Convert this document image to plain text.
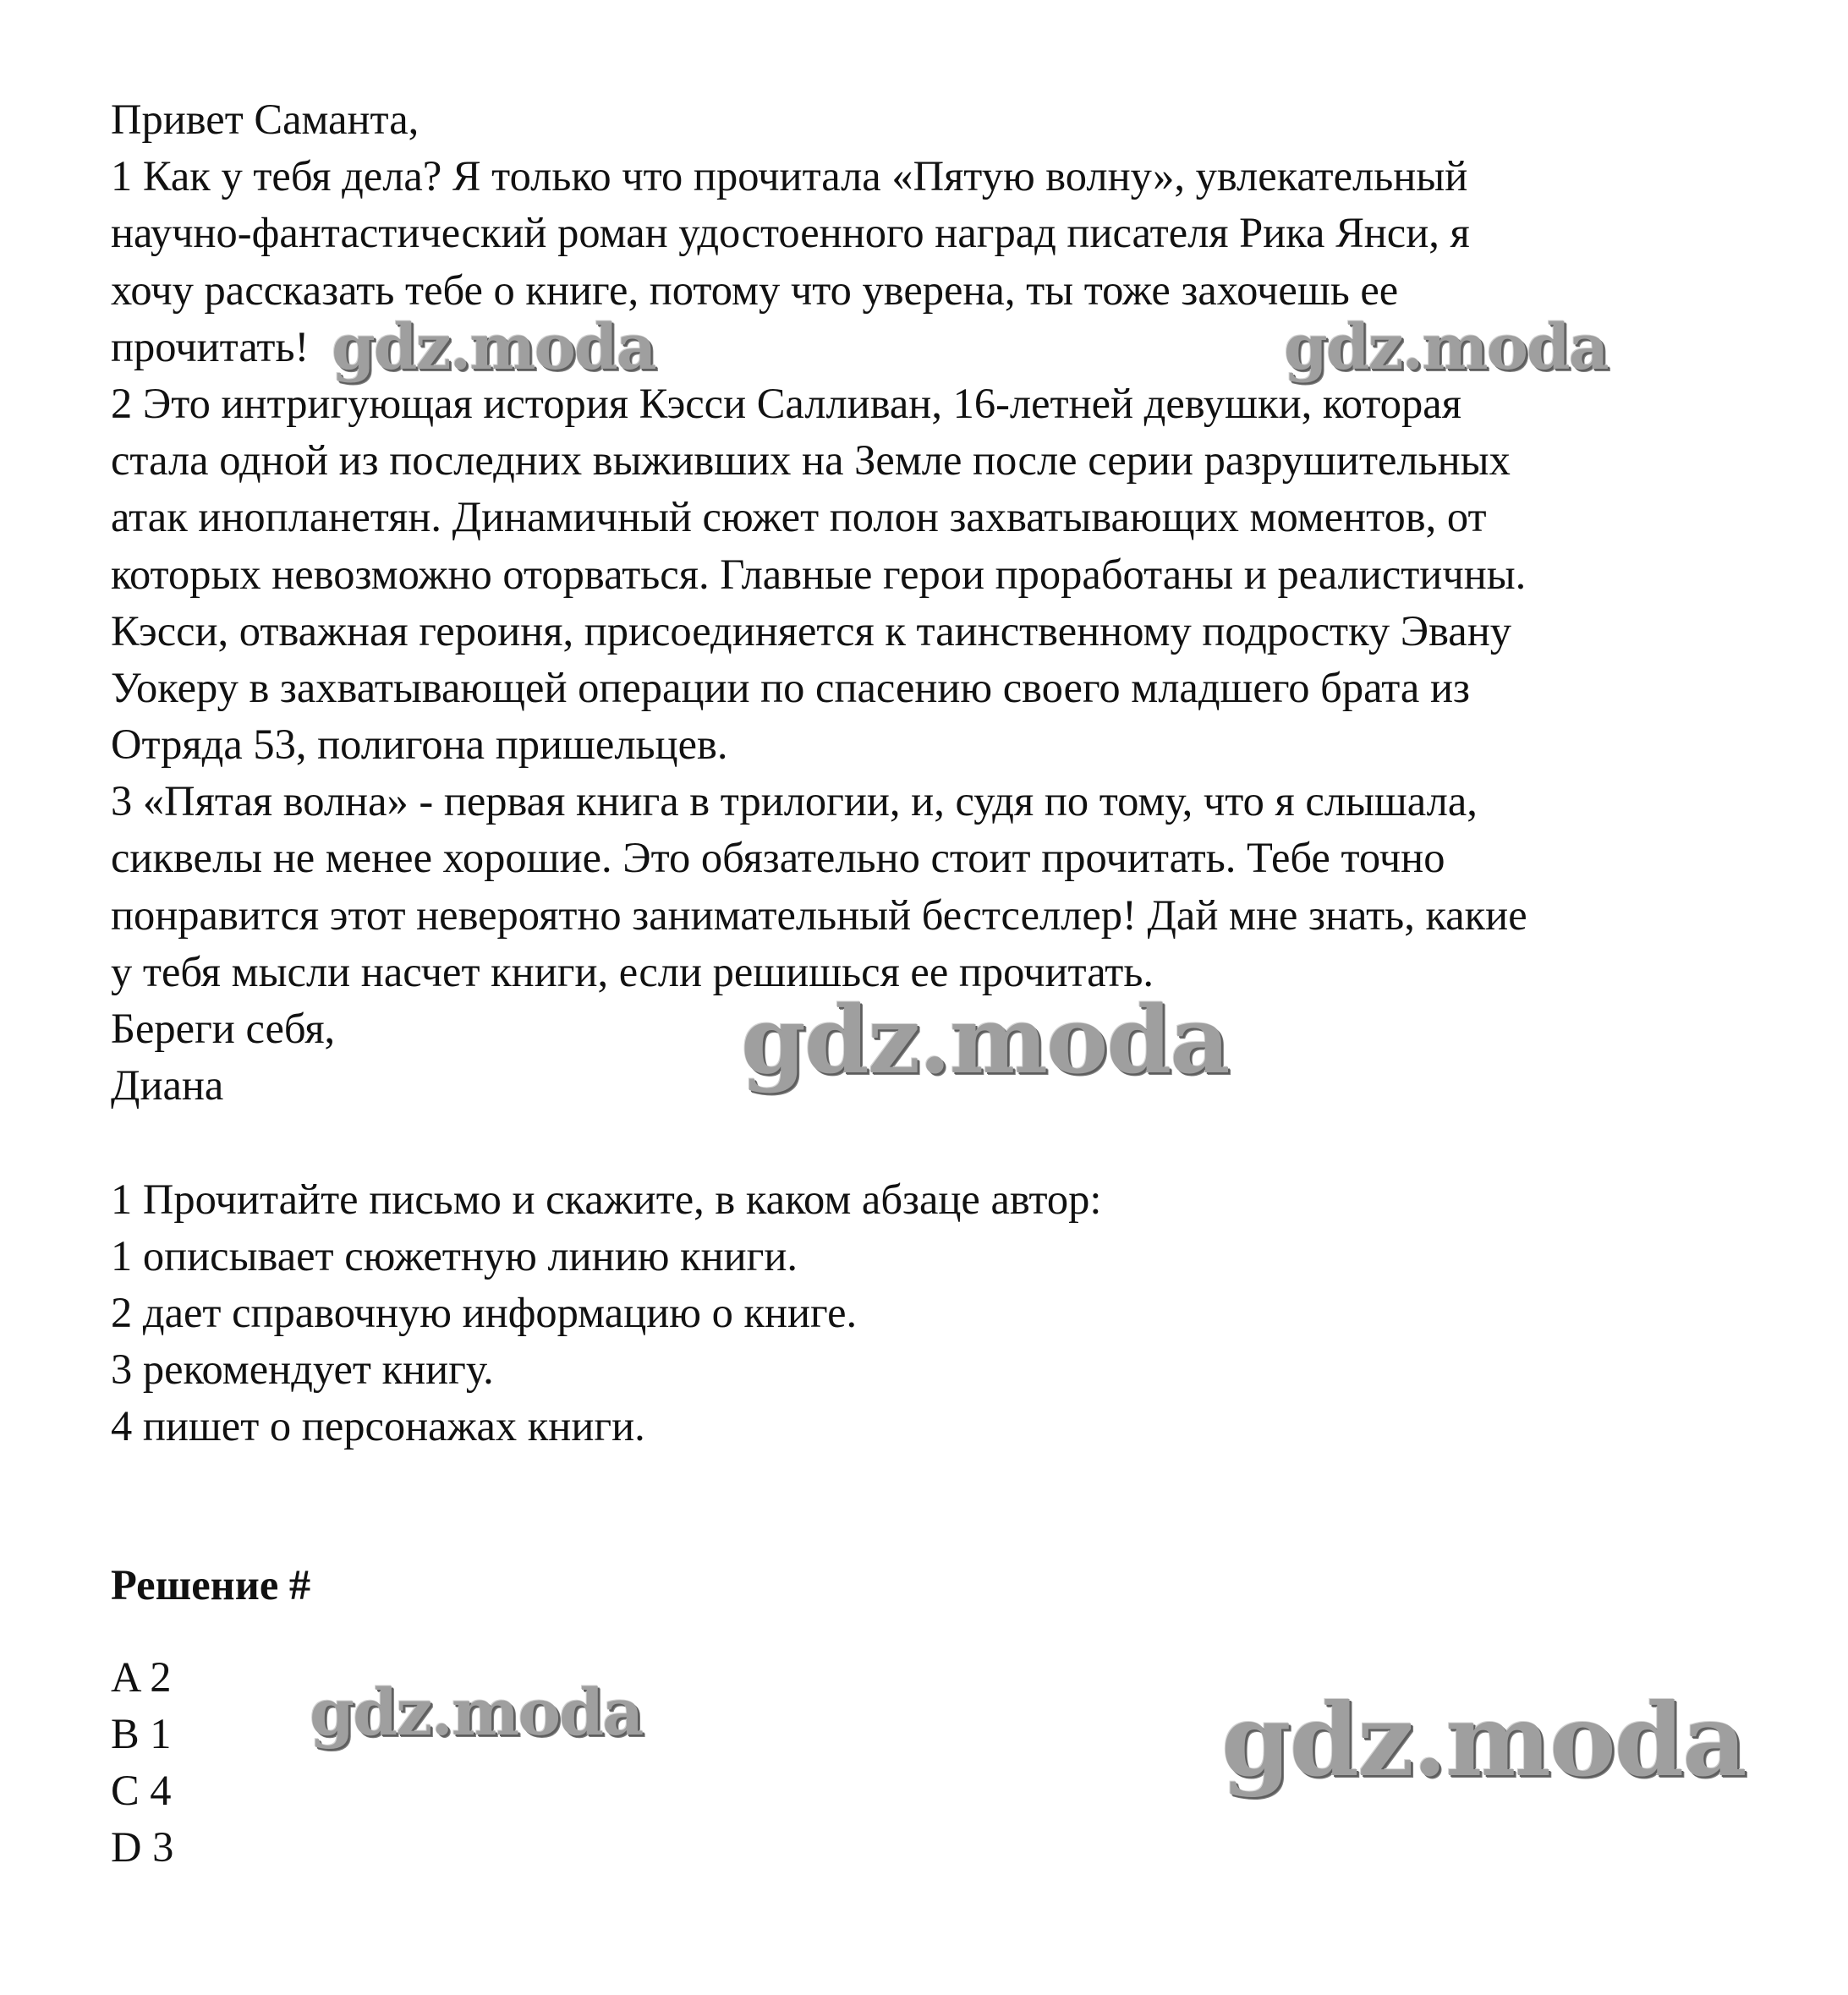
Привет Саманта,
1 Как у тебя дела? Я только что прочитала «Пятую волну», увлекательный
научно-фантастический роман удостоенного наград писателя Рика Янси, я
хочу рассказать тебе о книге, потому что уверена, ты тоже захочешь ее
прочитать!
2 Это интригующая история Кэсси Салливан, 16-летней девушки, которая
стала одной из последних выживших на Земле после серии разрушительных
атак инопланетян. Динамичный сюжет полон захватывающих моментов, от
которых невозможно оторваться. Главные герои проработаны и реалистичны.
Кэсси, отважная героиня, присоединяется к таинственному подростку Эвану
Уокеру в захватывающей операции по спасению своего младшего брата из
Отряда 53, полигона пришельцев.
3 «Пятая волна» - первая книга в трилогии, и, судя по тому, что я слышала,
сиквелы не менее хорошие. Это обязательно стоит прочитать. Тебе точно
понравится этот невероятно занимательный бестселлер! Дай мне знать, какие
у тебя мысли насчет книги, если решишься ее прочитать.
Береги себя,
Диана
1 Прочитайте письмо и скажите, в каком абзаце автор:
1 описывает сюжетную линию книги.
2 дает справочную информацию о книге.
3 рекомендует книгу.
4 пишет о персонажах книги.
Решение #
A 2
B 1
C 4
D 3
gdz.moda	gdz.moda
gdz.moda
gdz.moda	gdz.moda
